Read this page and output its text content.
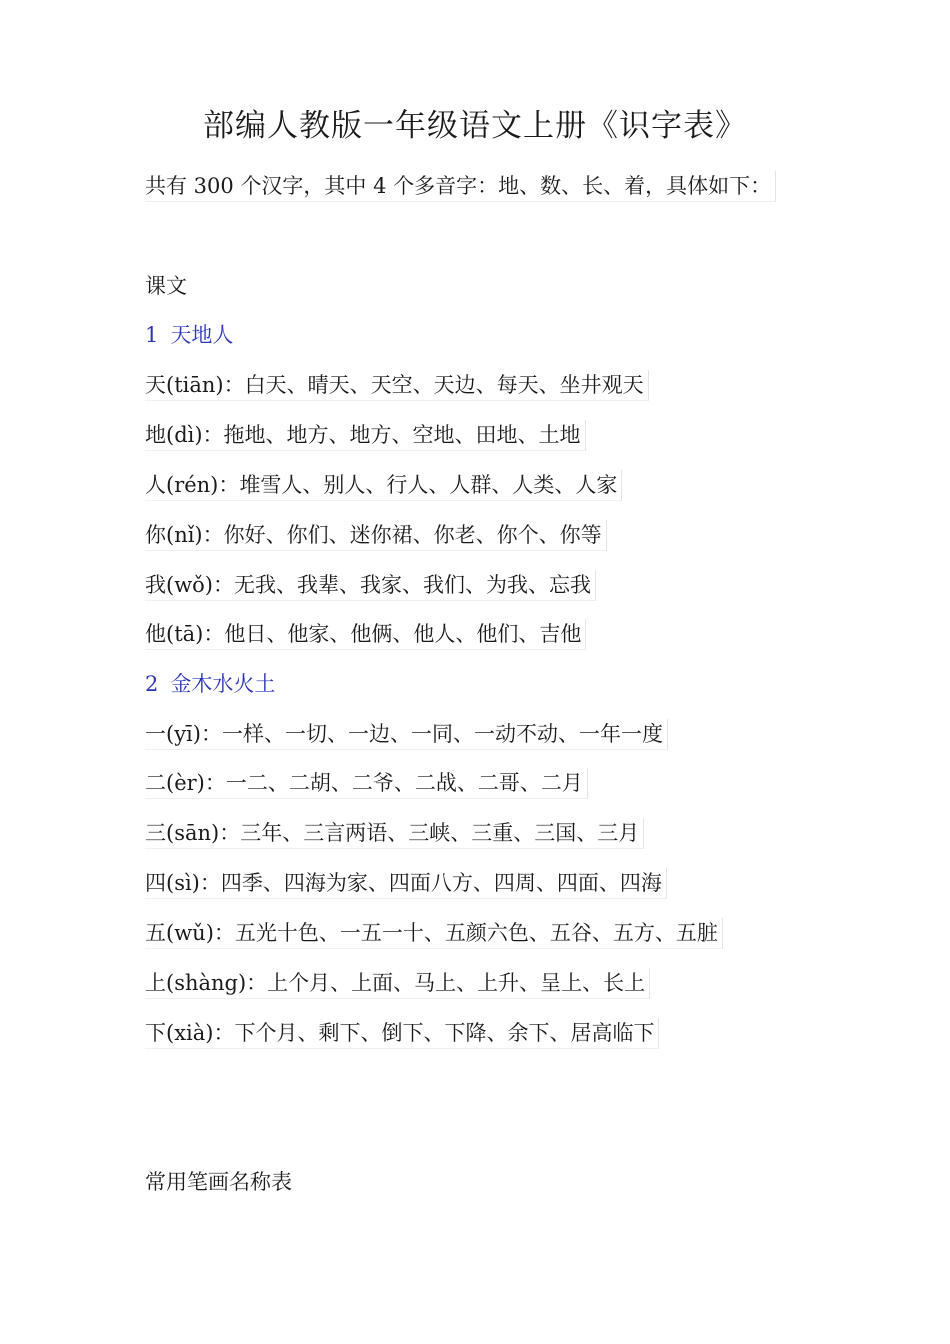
部编人教版一年级语文上册《识字表》
共有 300 个汉字，其中 4 个多音字：地、数、长、着，具体如下：
课文
1 天地人
天(tiān)：白天、晴天、天空、天边、每天、坐井观天
地(dì)：拖地、地方、地方、空地、田地、土地
人(rén)：堆雪人、别人、行人、人群、人类、人家
你(nǐ)：你好、你们、迷你裙、你老、你个、你等
我(wǒ)：无我、我辈、我家、我们、为我、忘我
他(tā)：他日、他家、他俩、他人、他们、吉他
2 金木水火土
一(yī)：一样、一切、一边、一同、一动不动、一年一度
二(èr)：一二、二胡、二爷、二战、二哥、二月
三(sān)：三年、三言两语、三峡、三重、三国、三月
四(sì)：四季、四海为家、四面八方、四周、四面、四海
五(wǔ)：五光十色、一五一十、五颜六色、五谷、五方、五脏
上(shàng)：上个月、上面、马上、上升、呈上、长上
下(xià)：下个月、剩下、倒下、下降、余下、居高临下
常用笔画名称表
